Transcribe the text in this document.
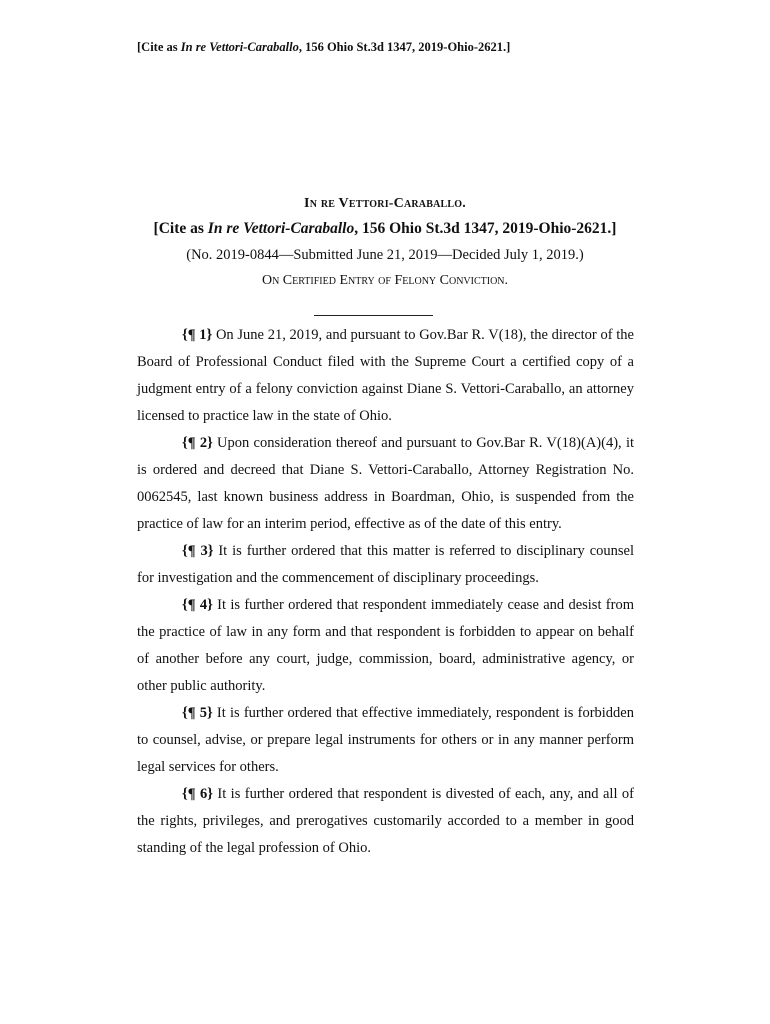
[Cite as In re Vettori-Caraballo, 156 Ohio St.3d 1347, 2019-Ohio-2621.]
In re Vettori-Caraballo.
[Cite as In re Vettori-Caraballo, 156 Ohio St.3d 1347, 2019-Ohio-2621.]
(No. 2019-0844—Submitted June 21, 2019—Decided July 1, 2019.)
On Certified Entry of Felony Conviction.

{¶ 1} On June 21, 2019, and pursuant to Gov.Bar R. V(18), the director of the Board of Professional Conduct filed with the Supreme Court a certified copy of a judgment entry of a felony conviction against Diane S. Vettori-Caraballo, an attorney licensed to practice law in the state of Ohio.

{¶ 2} Upon consideration thereof and pursuant to Gov.Bar R. V(18)(A)(4), it is ordered and decreed that Diane S. Vettori-Caraballo, Attorney Registration No. 0062545, last known business address in Boardman, Ohio, is suspended from the practice of law for an interim period, effective as of the date of this entry.

{¶ 3} It is further ordered that this matter is referred to disciplinary counsel for investigation and the commencement of disciplinary proceedings.

{¶ 4} It is further ordered that respondent immediately cease and desist from the practice of law in any form and that respondent is forbidden to appear on behalf of another before any court, judge, commission, board, administrative agency, or other public authority.

{¶ 5} It is further ordered that effective immediately, respondent is forbidden to counsel, advise, or prepare legal instruments for others or in any manner perform legal services for others.

{¶ 6} It is further ordered that respondent is divested of each, any, and all of the rights, privileges, and prerogatives customarily accorded to a member in good standing of the legal profession of Ohio.
